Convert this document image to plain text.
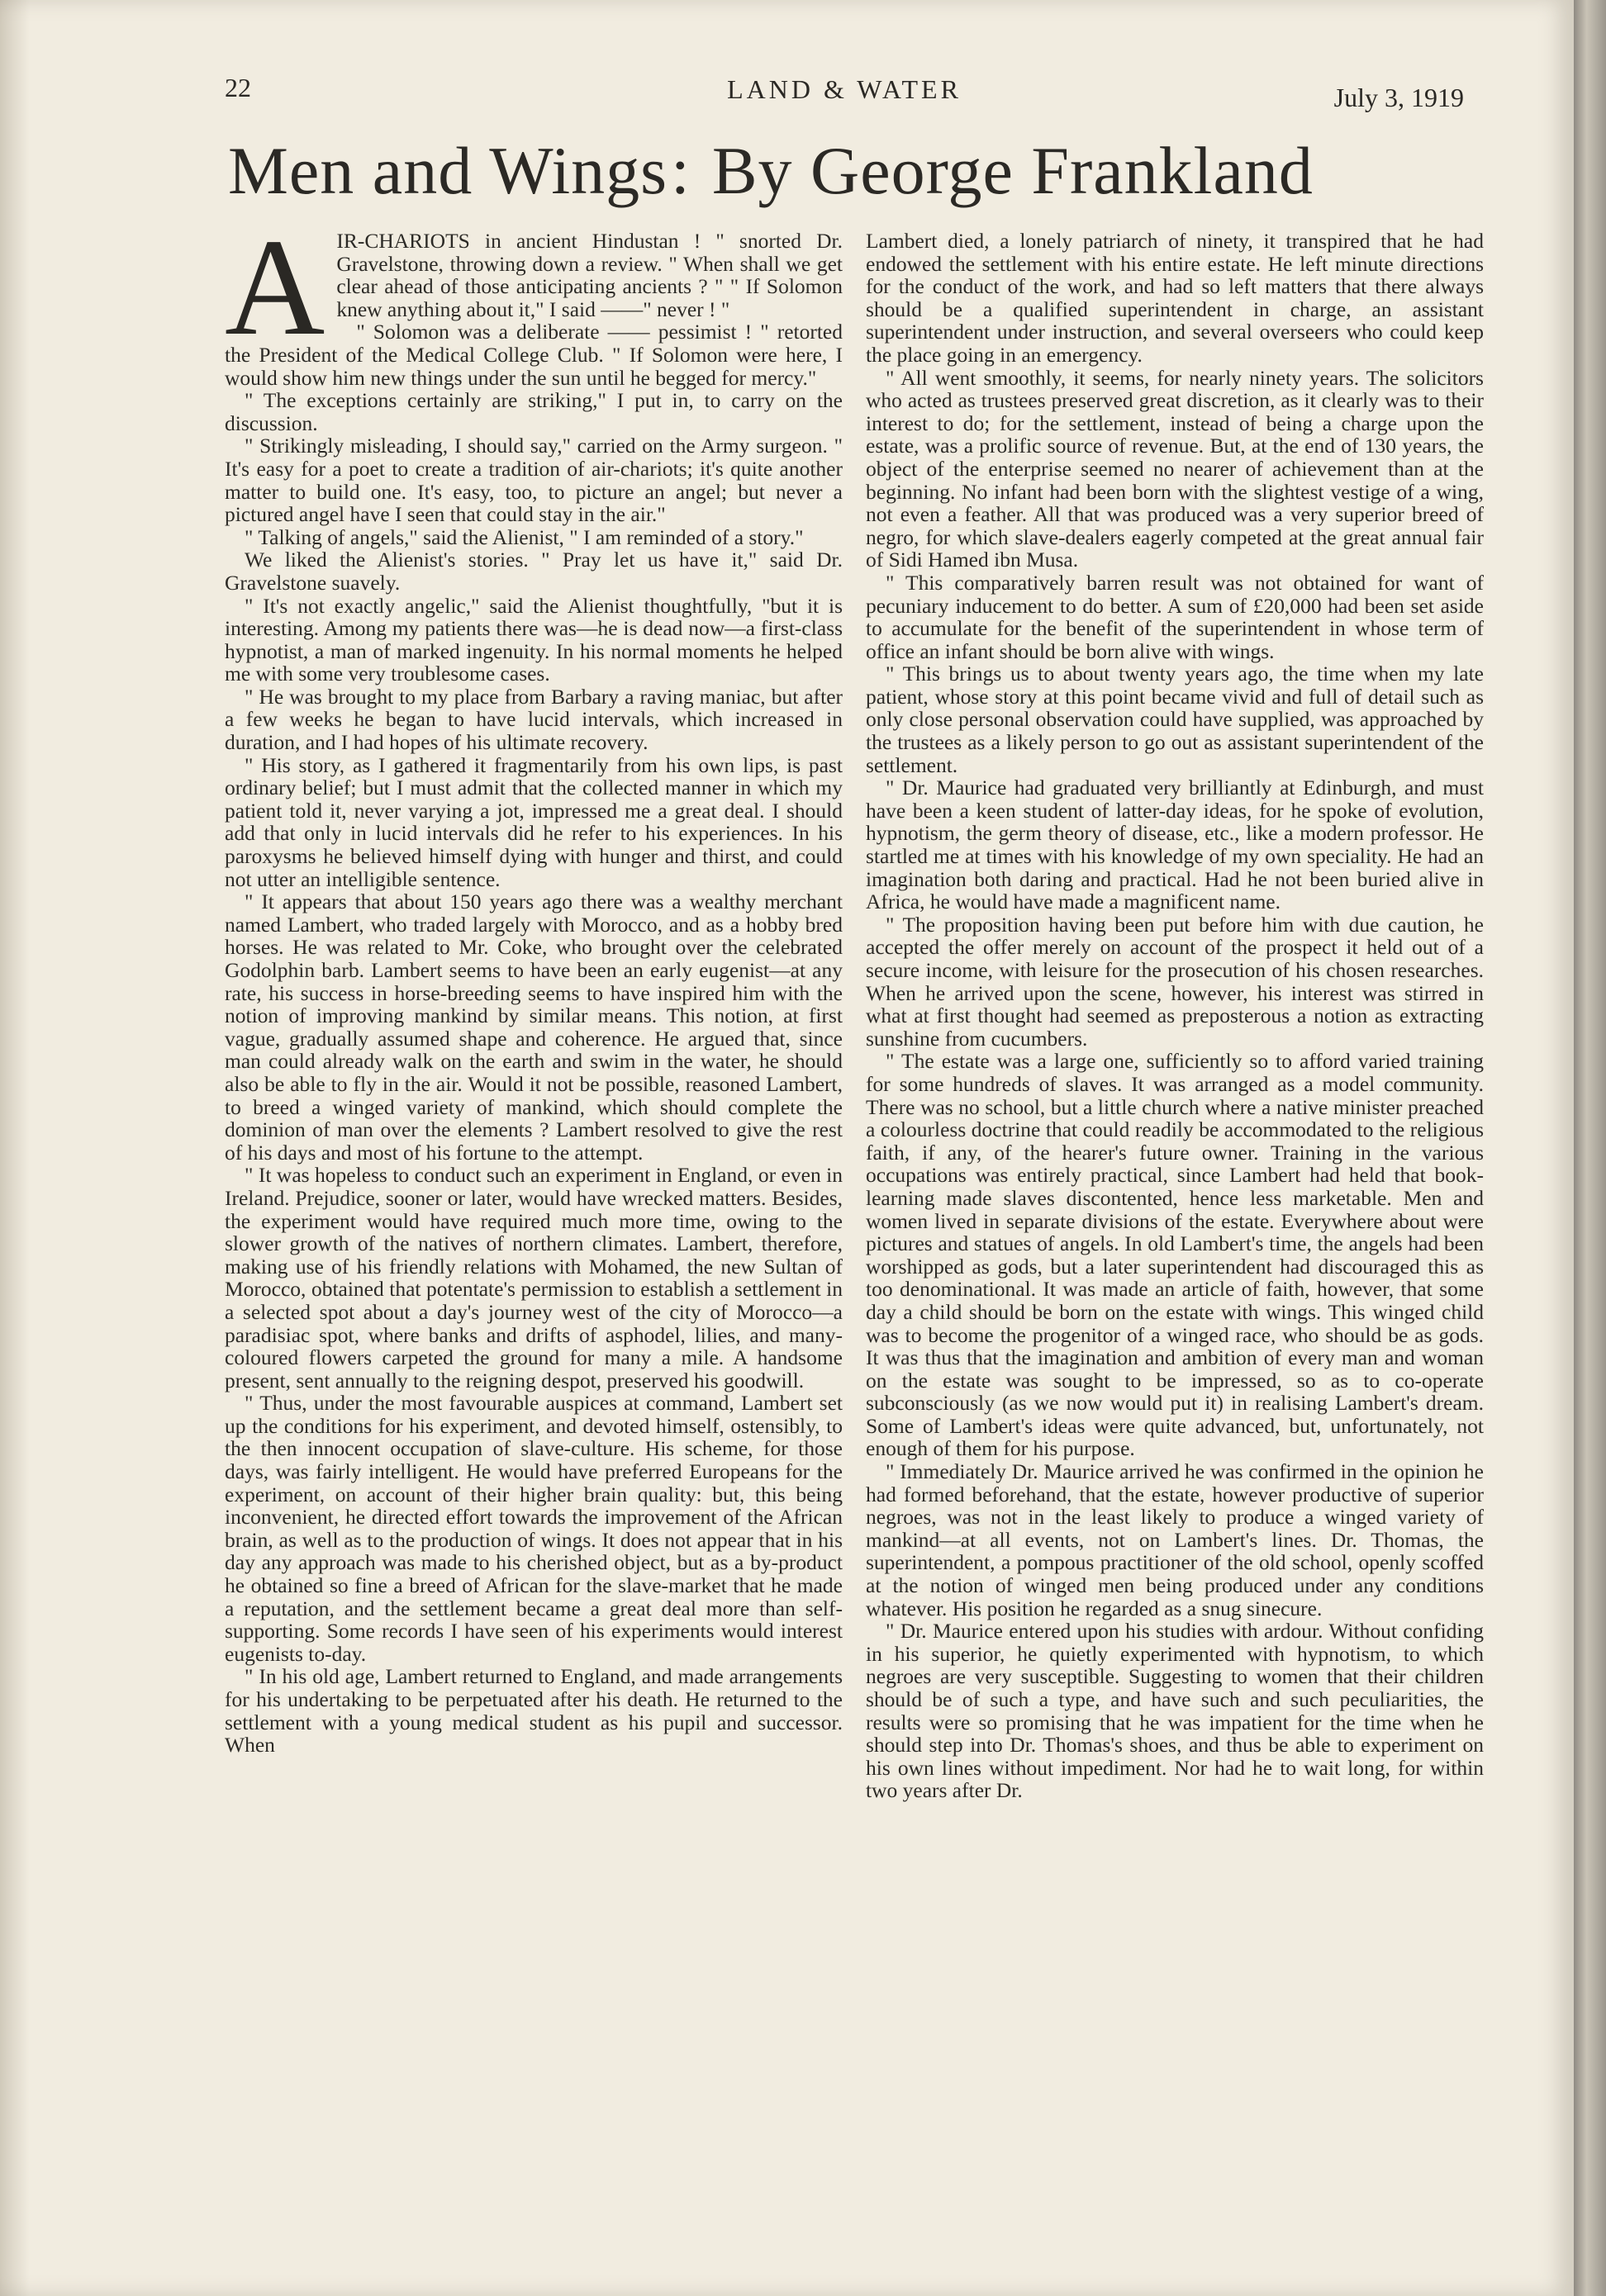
22	LAND & WATER	July 3, 1919
Men and Wings: By George Frankland

AIR-CHARIOTS in ancient Hindustan ! " snorted Dr. Gravelstone, throwing down a review. " When shall we get clear ahead of those anticipating ancients ? " " If Solomon knew anything about it," I said ——" never ! "

" Solomon was a deliberate —— pessimist ! " retorted the President of the Medical College Club. " If Solomon were here, I would show him new things under the sun until he begged for mercy."

" The exceptions certainly are striking," I put in, to carry on the discussion.

" Strikingly misleading, I should say," carried on the Army surgeon. " It's easy for a poet to create a tradition of air-chariots; it's quite another matter to build one. It's easy, too, to picture an angel; but never a pictured angel have I seen that could stay in the air."

" Talking of angels," said the Alienist, " I am reminded of a story."

We liked the Alienist's stories. " Pray let us have it," said Dr. Gravelstone suavely.

" It's not exactly angelic," said the Alienist thoughtfully, "but it is interesting. Among my patients there was—he is dead now—a first-class hypnotist, a man of marked ingenuity. In his normal moments he helped me with some very troublesome cases.

" He was brought to my place from Barbary a raving maniac, but after a few weeks he began to have lucid intervals, which increased in duration, and I had hopes of his ultimate recovery.

" His story, as I gathered it fragmentarily from his own lips, is past ordinary belief; but I must admit that the collected manner in which my patient told it, never varying a jot, impressed me a great deal. I should add that only in lucid intervals did he refer to his experiences. In his paroxysms he believed himself dying with hunger and thirst, and could not utter an intelligible sentence.

" It appears that about 150 years ago there was a wealthy merchant named Lambert, who traded largely with Morocco, and as a hobby bred horses. He was related to Mr. Coke, who brought over the celebrated Godolphin barb. Lambert seems to have been an early eugenist—at any rate, his success in horse-breeding seems to have inspired him with the notion of improving mankind by similar means. This notion, at first vague, gradually assumed shape and coherence. He argued that, since man could already walk on the earth and swim in the water, he should also be able to fly in the air. Would it not be possible, reasoned Lambert, to breed a winged variety of mankind, which should complete the dominion of man over the elements ? Lambert resolved to give the rest of his days and most of his fortune to the attempt.

" It was hopeless to conduct such an experiment in England, or even in Ireland. Prejudice, sooner or later, would have wrecked matters. Besides, the experiment would have required much more time, owing to the slower growth of the natives of northern climates. Lambert, therefore, making use of his friendly relations with Mohamed, the new Sultan of Morocco, obtained that potentate's permission to establish a settlement in a selected spot about a day's journey west of the city of Morocco—a paradisiac spot, where banks and drifts of asphodel, lilies, and many-coloured flowers carpeted the ground for many a mile. A handsome present, sent annually to the reigning despot, preserved his goodwill.

" Thus, under the most favourable auspices at command, Lambert set up the conditions for his experiment, and devoted himself, ostensibly, to the then innocent occupation of slave-culture. His scheme, for those days, was fairly intelligent. He would have preferred Europeans for the experiment, on account of their higher brain quality: but, this being inconvenient, he directed effort towards the improvement of the African brain, as well as to the production of wings. It does not appear that in his day any approach was made to his cherished object, but as a by-product he obtained so fine a breed of African for the slave-market that he made a reputation, and the settlement became a great deal more than self-supporting. Some records I have seen of his experiments would interest eugenists to-day.

" In his old age, Lambert returned to England, and made arrangements for his undertaking to be perpetuated after his death. He returned to the settlement with a young medical student as his pupil and successor. When

Lambert died, a lonely patriarch of ninety, it transpired that he had endowed the settlement with his entire estate. He left minute directions for the conduct of the work, and had so left matters that there always should be a qualified superintendent in charge, an assistant superintendent under instruction, and several overseers who could keep the place going in an emergency.

" All went smoothly, it seems, for nearly ninety years. The solicitors who acted as trustees preserved great discretion, as it clearly was to their interest to do; for the settlement, instead of being a charge upon the estate, was a prolific source of revenue. But, at the end of 130 years, the object of the enterprise seemed no nearer of achievement than at the beginning. No infant had been born with the slightest vestige of a wing, not even a feather. All that was produced was a very superior breed of negro, for which slave-dealers eagerly competed at the great annual fair of Sidi Hamed ibn Musa.

" This comparatively barren result was not obtained for want of pecuniary inducement to do better. A sum of £20,000 had been set aside to accumulate for the benefit of the superintendent in whose term of office an infant should be born alive with wings.

" This brings us to about twenty years ago, the time when my late patient, whose story at this point became vivid and full of detail such as only close personal observation could have supplied, was approached by the trustees as a likely person to go out as assistant superintendent of the settlement.

" Dr. Maurice had graduated very brilliantly at Edinburgh, and must have been a keen student of latter-day ideas, for he spoke of evolution, hypnotism, the germ theory of disease, etc., like a modern professor. He startled me at times with his knowledge of my own speciality. He had an imagination both daring and practical. Had he not been buried alive in Africa, he would have made a magnificent name.

" The proposition having been put before him with due caution, he accepted the offer merely on account of the prospect it held out of a secure income, with leisure for the prosecution of his chosen researches. When he arrived upon the scene, however, his interest was stirred in what at first thought had seemed as preposterous a notion as extracting sunshine from cucumbers.

" The estate was a large one, sufficiently so to afford varied training for some hundreds of slaves. It was arranged as a model community. There was no school, but a little church where a native minister preached a colourless doctrine that could readily be accommodated to the religious faith, if any, of the hearer's future owner. Training in the various occupations was entirely practical, since Lambert had held that book-learning made slaves discontented, hence less marketable. Men and women lived in separate divisions of the estate. Everywhere about were pictures and statues of angels. In old Lambert's time, the angels had been worshipped as gods, but a later superintendent had discouraged this as too denominational. It was made an article of faith, however, that some day a child should be born on the estate with wings. This winged child was to become the progenitor of a winged race, who should be as gods. It was thus that the imagination and ambition of every man and woman on the estate was sought to be impressed, so as to co-operate subconsciously (as we now would put it) in realising Lambert's dream. Some of Lambert's ideas were quite advanced, but, unfortunately, not enough of them for his purpose.

" Immediately Dr. Maurice arrived he was confirmed in the opinion he had formed beforehand, that the estate, however productive of superior negroes, was not in the least likely to produce a winged variety of mankind—at all events, not on Lambert's lines. Dr. Thomas, the superintendent, a pompous practitioner of the old school, openly scoffed at the notion of winged men being produced under any conditions whatever. His position he regarded as a snug sinecure.

" Dr. Maurice entered upon his studies with ardour. Without confiding in his superior, he quietly experimented with hypnotism, to which negroes are very susceptible. Suggesting to women that their children should be of such a type, and have such and such peculiarities, the results were so promising that he was impatient for the time when he should step into Dr. Thomas's shoes, and thus be able to experiment on his own lines without impediment. Nor had he to wait long, for within two years after Dr.
